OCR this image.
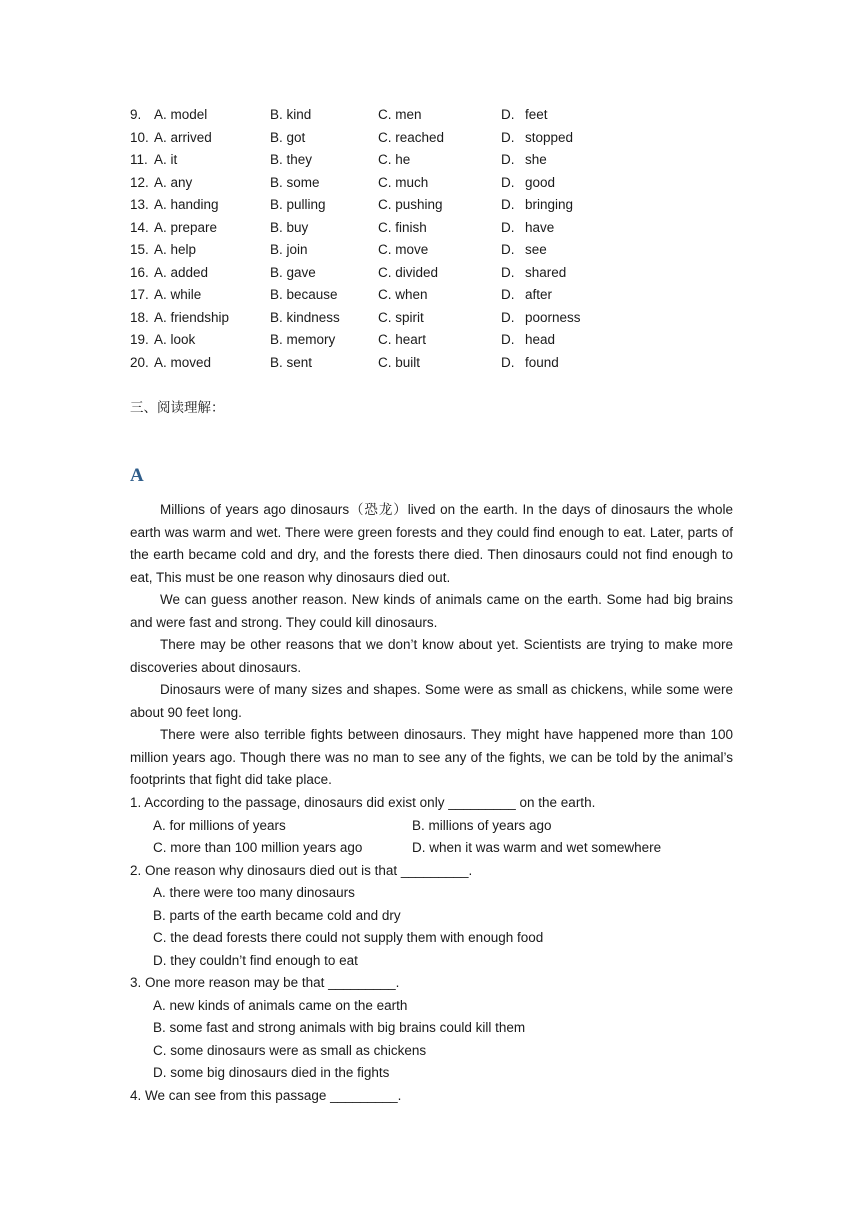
9. A. model	B. kind	C. men	D. feet
10. A. arrived	B. got	C. reached	D. stopped
11. A. it	B. they	C. he	D. she
12. A. any	B. some	C. much	D. good
13. A. handing	B. pulling	C. pushing	D. bringing
14. A. prepare	B. buy	C. finish	D. have
15. A. help	B. join	C. move	D. see
16. A. added	B. gave	C. divided	D. shared
17. A. while	B. because	C. when	D. after
18. A. friendship	B. kindness	C. spirit	D. poorness
19. A. look	B. memory	C. heart	D. head
20. A. moved	B. sent	C. built	D. found
三、阅读理解：
A

Millions of years ago dinosaurs（恐龙）lived on the earth. In the days of dinosaurs the whole earth was warm and wet. There were green forests and they could find enough to eat. Later, parts of the earth became cold and dry, and the forests there died. Then dinosaurs could not find enough to eat, This must be one reason why dinosaurs died out.

We can guess another reason. New kinds of animals came on the earth. Some had big brains and were fast and strong. They could kill dinosaurs.

There may be other reasons that we don’t know about yet. Scientists are trying to make more discoveries about dinosaurs.

Dinosaurs were of many sizes and shapes. Some were as small as chickens, while some were about 90 feet long.

There were also terrible fights between dinosaurs. They might have happened more than 100 million years ago. Though there was no man to see any of the fights, we can be told by the animal’s footprints that fight did take place.

1. According to the passage, dinosaurs did exist only _________ on the earth.
A. for millions of years	B. millions of years ago
C. more than 100 million years ago	D. when it was warm and wet somewhere
2. One reason why dinosaurs died out is that _________.
A. there were too many dinosaurs
B. parts of the earth became cold and dry
C. the dead forests there could not supply them with enough food
D. they couldn’t find enough to eat
3. One more reason may be that _________.
A. new kinds of animals came on the earth
B. some fast and strong animals with big brains could kill them
C. some dinosaurs were as small as chickens
D. some big dinosaurs died in the fights
4. We can see from this passage _________.
